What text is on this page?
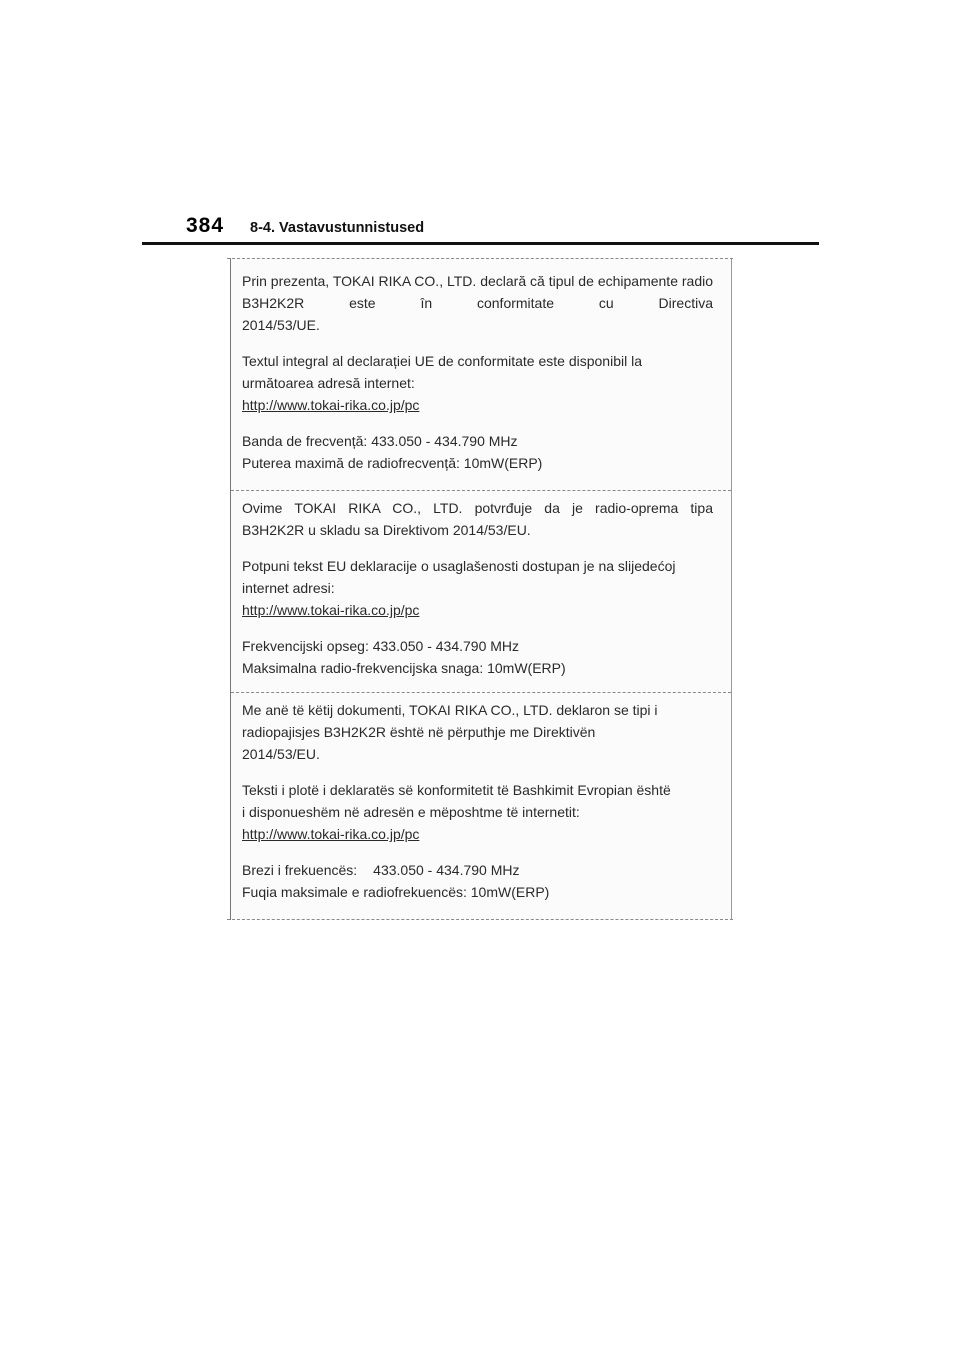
384	8-4. Vastavustunnistused
Prin prezenta, TOKAI RIKA CO., LTD. declară că tipul de echipamente radio B3H2K2R este în conformitate cu Directiva
2014/53/UE.
Textul integral al declarației UE de conformitate este disponibil la
următoarea adresă internet:
http://www.tokai-rika.co.jp/pc
Banda de frecvență: 433.050 - 434.790 MHz
Puterea maximă de radiofrecvență: 10mW(ERP)
Ovime TOKAI RIKA CO., LTD. potvrđuje da je radio-oprema tipa
B3H2K2R u skladu sa Direktivom 2014/53/EU.
Potpuni tekst EU deklaracije o usaglašenosti dostupan je na slijedećoj
internet adresi:
http://www.tokai-rika.co.jp/pc
Frekvencijski opseg: 433.050 - 434.790 MHz
Maksimalna radio-frekvencijska snaga: 10mW(ERP)
Me anë të këtij dokumenti, TOKAI RIKA CO., LTD. deklaron se tipi i
radiopajisjes B3H2K2R është në përputhje me Direktivën
2014/53/EU.
Teksti i plotë i deklaratës së konformitetit të Bashkimit Evropian është
i disponueshëm në adresën e mëposhtme të internetit:
http://www.tokai-rika.co.jp/pc
Brezi i frekuencës: 433.050 - 434.790 MHz
Fuqia maksimale e radiofrekuencës: 10mW(ERP)
